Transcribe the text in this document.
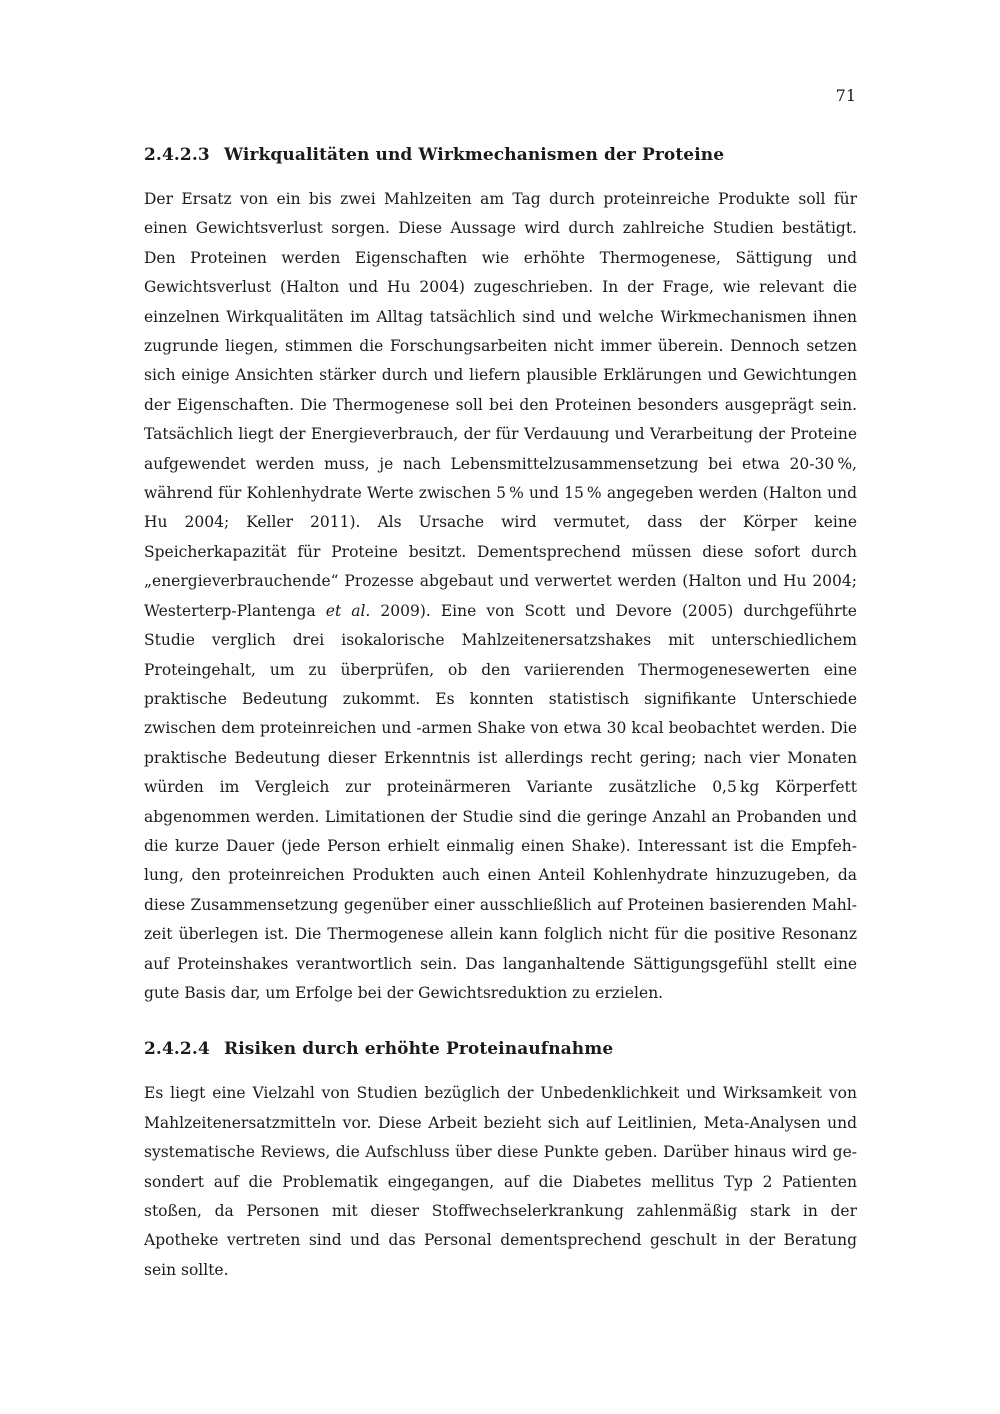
71
2.4.2.3 Wirkqualitäten und Wirkmechanismen der Proteine

Der Ersatz von ein bis zwei Mahlzeiten am Tag durch proteinreiche Produkte soll für einen Gewichtsverlust sorgen. Diese Aussage wird durch zahlreiche Studien bestätigt. Den Proteinen werden Eigenschaften wie erhöhte Thermogenese, Sättigung und Gewichtsverlust (Halton und Hu 2004) zugeschrieben. In der Frage, wie relevant die einzelnen Wirkqualitäten im Alltag tatsächlich sind und welche Wirkmechanismen ihnen zugrunde liegen, stimmen die Forschungsarbeiten nicht immer überein. Dennoch setzen sich einige Ansichten stärker durch und liefern plausible Erklärungen und Gewichtungen der Eigenschaften. Die Thermogenese soll bei den Proteinen besonders ausgeprägt sein. Tatsächlich liegt der Energieverbrauch, der für Verdauung und Verarbeitung der Proteine aufgewendet werden muss, je nach Lebensmittelzusammensetzung bei etwa 20-30 %, während für Kohlenhydrate Werte zwischen 5 % und 15 % angegeben werden (Halton und Hu 2004; Keller 2011). Als Ursache wird vermutet, dass der Körper keine Speicherkapazität für Proteine besitzt. Dementsprechend müssen diese sofort durch „energieverbrauchende“ Prozesse abgebaut und verwertet werden (Halton und Hu 2004; Westerterp-Plantenga et al. 2009). Eine von Scott und Devore (2005) durchgeführte Studie verglich drei isokalorische Mahlzeitenersatzshakes mit unterschiedlichem Proteingehalt, um zu überprüfen, ob den variierenden Thermogenesewerten eine praktische Bedeutung zukommt. Es konnten statistisch signifikante Unterschiede zwischen dem proteinreichen und -armen Shake von etwa 30 kcal beobachtet werden. Die praktische Bedeutung dieser Erkenntnis ist allerdings recht gering; nach vier Monaten würden im Vergleich zur proteinärmeren Variante zusätzliche 0,5 kg Körperfett abgenommen werden. Limitationen der Studie sind die geringe Anzahl an Probanden und die kurze Dauer (jede Person erhielt einmalig einen Shake). Interessant ist die Empfehlung, den proteinreichen Produkten auch einen Anteil Kohlenhydrate hinzuzugeben, da diese Zusammensetzung gegenüber einer ausschließlich auf Proteinen basierenden Mahlzeit überlegen ist. Die Thermogenese allein kann folglich nicht für die positive Resonanz auf Proteinshakes verantwortlich sein. Das langanhaltende Sättigungsgefühl stellt eine gute Basis dar, um Erfolge bei der Gewichtsreduktion zu erzielen.

2.4.2.4 Risiken durch erhöhte Proteinaufnahme

Es liegt eine Vielzahl von Studien bezüglich der Unbedenklichkeit und Wirksamkeit von Mahlzeitenersatzmitteln vor. Diese Arbeit bezieht sich auf Leitlinien, Meta-Analysen und systematische Reviews, die Aufschluss über diese Punkte geben. Darüber hinaus wird gesondert auf die Problematik eingegangen, auf die Diabetes mellitus Typ 2 Patienten stoßen, da Personen mit dieser Stoffwechselerkrankung zahlenmäßig stark in der Apotheke vertreten sind und das Personal dementsprechend geschult in der Beratung sein sollte.
